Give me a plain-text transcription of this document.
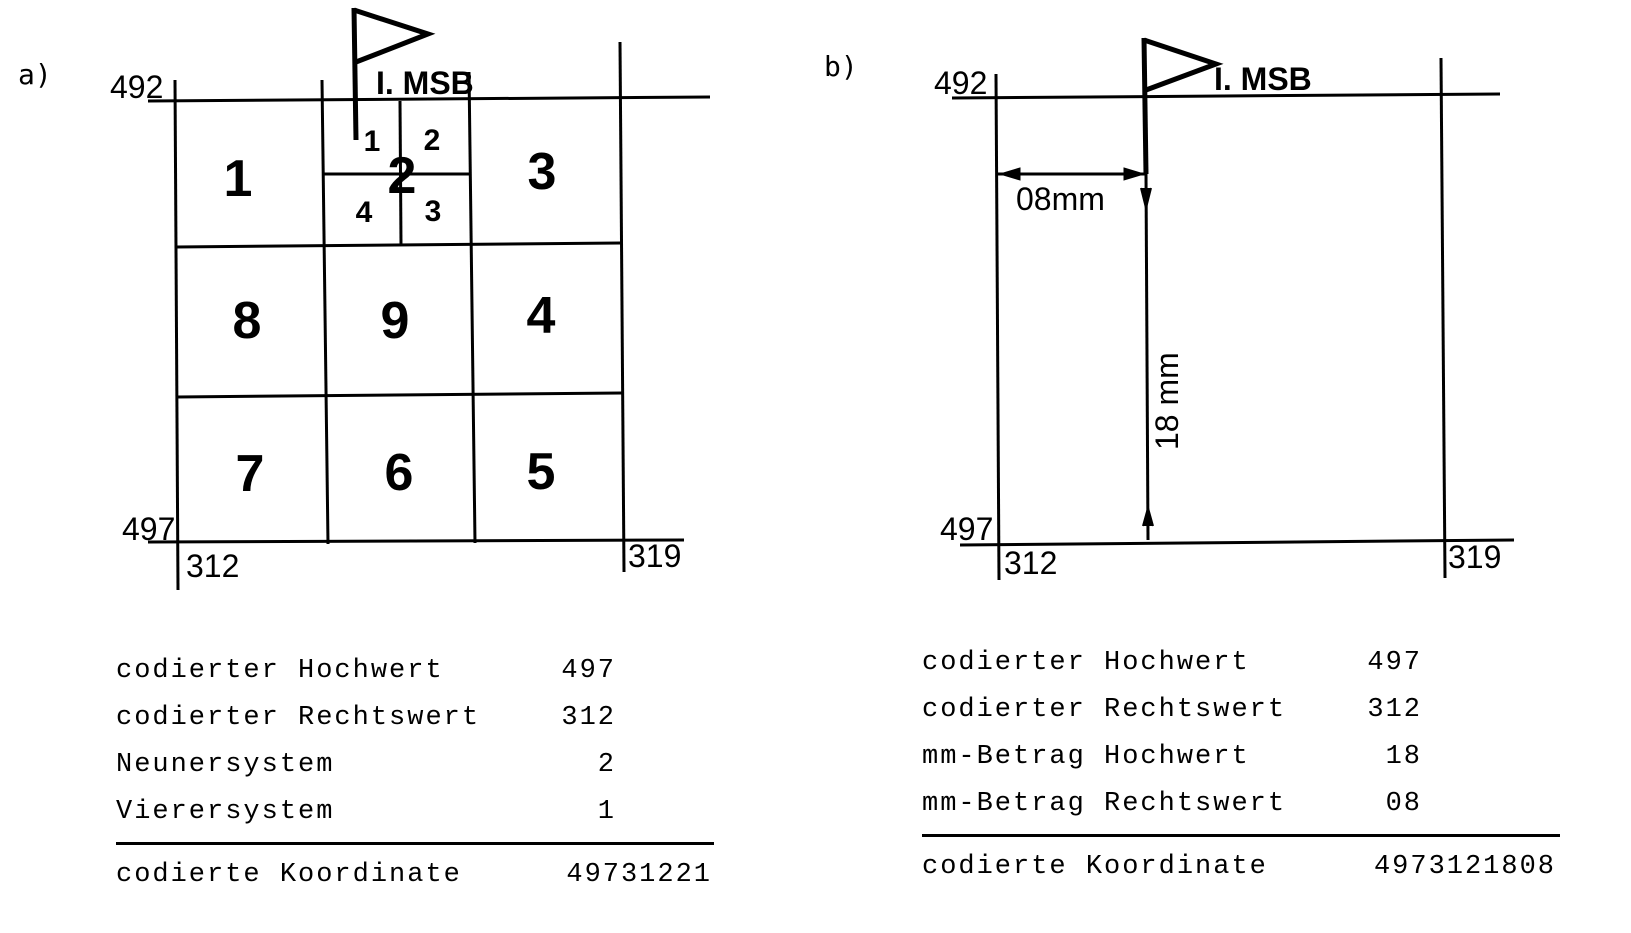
a)	I. MSB
492
497
312	319
1	2 3
8 9 4
7 6 5
1 2
4 3
b)	I. MSB
492
497
312	319
08mm
18 mm
codierter Hochwert	497
codierter Rechtswert	312
Neunersystem	2
Vierersystem	1
codierte Koordinate	49731221
codierter Hochwert	497
codierter Rechtswert	312
mm-Betrag Hochwert	18
mm-Betrag Rechtswert	08
codierte Koordinate	4973121808
